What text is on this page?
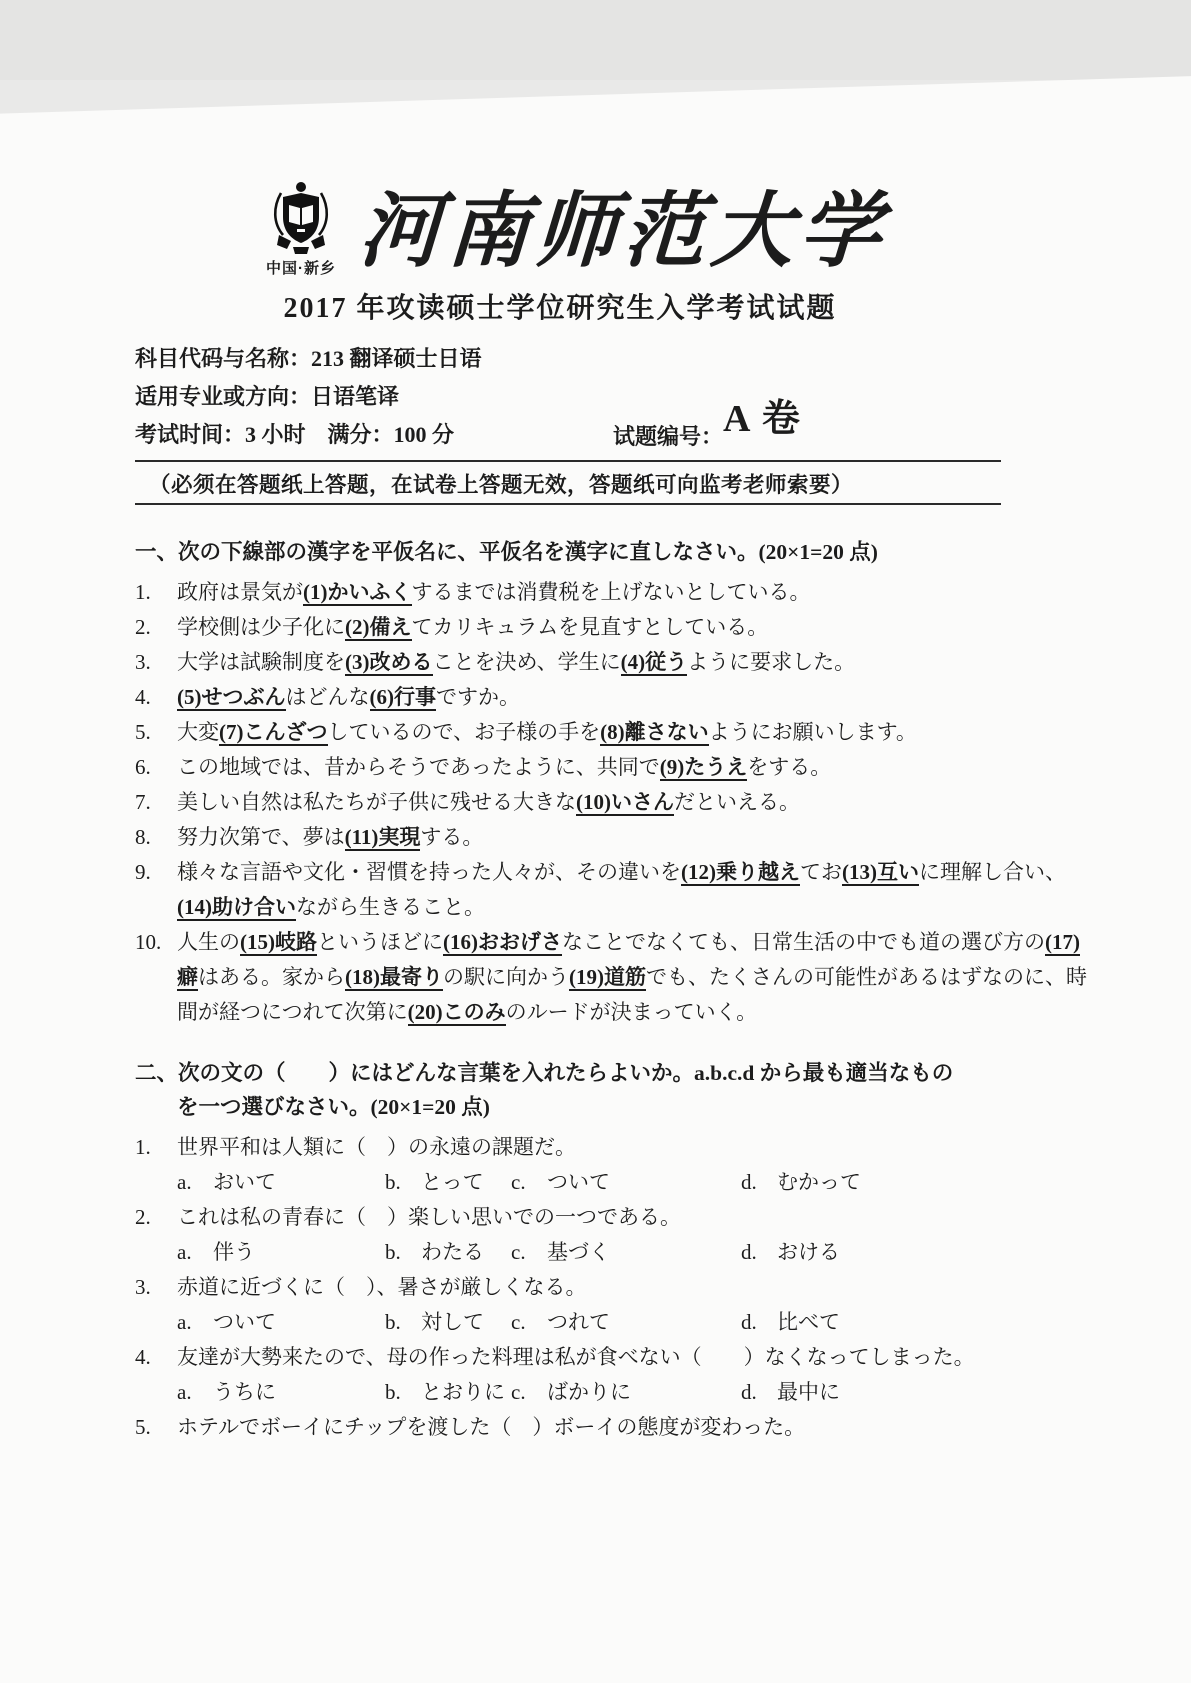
中国·新乡 河南师范大学
2017 年攻读硕士学位研究生入学考试试题
科目代码与名称：213 翻译硕士日语
适用专业或方向：日语笔译
考试时间：3 小时　满分：100 分	试题编号： A 卷
（必须在答题纸上答题，在试卷上答题无效，答题纸可向监考老师索要）
一、次の下線部の漢字を平仮名に、平仮名を漢字に直しなさい。(20×1=20 点)
1.	政府は景気が(1)かいふくするまでは消費税を上げないとしている。
2.	学校側は少子化に(2)備えてカリキュラムを見直すとしている。
3.	大学は試験制度を(3)改めることを決め、学生に(4)従うように要求した。
4.	(5)せつぶんはどんな(6)行事ですか。
5.	大変(7)こんざつしているので、お子様の手を(8)離さないようにお願いします。
6.	この地域では、昔からそうであったように、共同で(9)たうえをする。
7.	美しい自然は私たちが子供に残せる大きな(10)いさんだといえる。
8.	努力次第で、夢は(11)実現する。
9.	様々な言語や文化・習慣を持った人々が、その違いを(12)乗り越えてお(13)互いに理解し合い、(14)助け合いながら生きること。
10. 人生の(15)岐路というほどに(16)おおげさなことでなくても、日常生活の中でも道の選び方の(17)癖はある。家から(18)最寄りの駅に向かう(19)道筋でも、たくさんの可能性があるはずなのに、時間が経つにつれて次第に(20)このみのルードが決まっていく。
二、次の文の（　　）にはどんな言葉を入れたらよいか。a.b.c.d から最も適当なもの
を一つ選びなさい。(20×1=20 点)
1.	世界平和は人類に（　）の永遠の課題だ。
a.	おいて	b. とって c.	ついて	d. むかって
2.	これは私の青春に（　）楽しい思いでの一つである。
a.	伴う	b. わたる c.	基づく	d. おける
3.	赤道に近づくに（　）、暑さが厳しくなる。
a.	ついて	b. 対して c.	つれて	d. 比べて
4.	友達が大勢来たので、母の作った料理は私が食べない（　　）なくなってしまった。
a.	うちに	b. とおりに c.	ばかりに	d. 最中に
5.	ホテルでボーイにチップを渡した（　）ボーイの態度が変わった。
